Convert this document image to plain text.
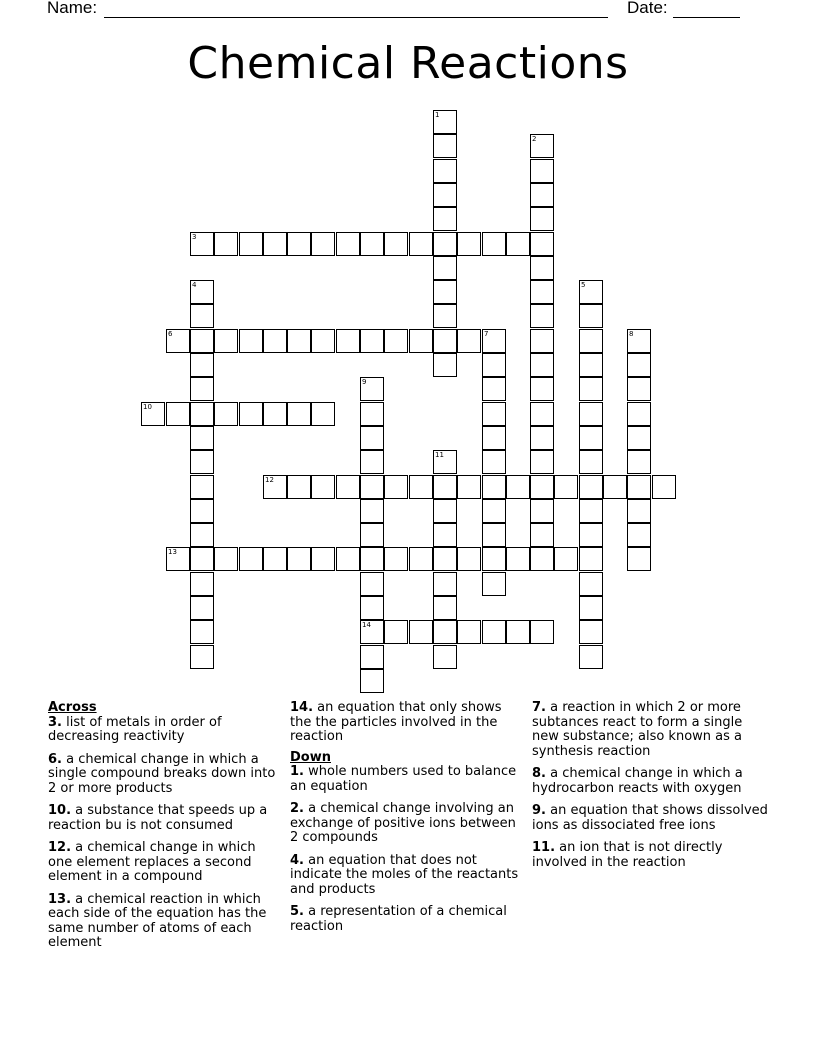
Name:	Date:
Chemical Reactions
1
2
3
4	5
6	7	8
9
14
10
11
12
13

Across

3. list of metals in order of decreasing reactivity
6. a chemical change in which a single compound breaks down into 2 or more products
10. a substance that speeds up a reaction bu is not consumed
12. a chemical change in which one element replaces a second element in a compound
13. a chemical reaction in which each side of the equation has the same number of atoms of each element
14. an equation that only shows the the particles involved in the reaction

Down

1. whole numbers used to balance an equation
2. a chemical change involving an exchange of positive ions between 2 compounds
4. an equation that does not indicate the moles of the reactants and products
5. a representation of a chemical reaction
7. a reaction in which 2 or more subtances react to form a single new substance; also known as a synthesis reaction
8. a chemical change in which a hydrocarbon reacts with oxygen
9. an equation that shows dissolved ions as dissociated free ions
11. an ion that is not directly involved in the reaction
